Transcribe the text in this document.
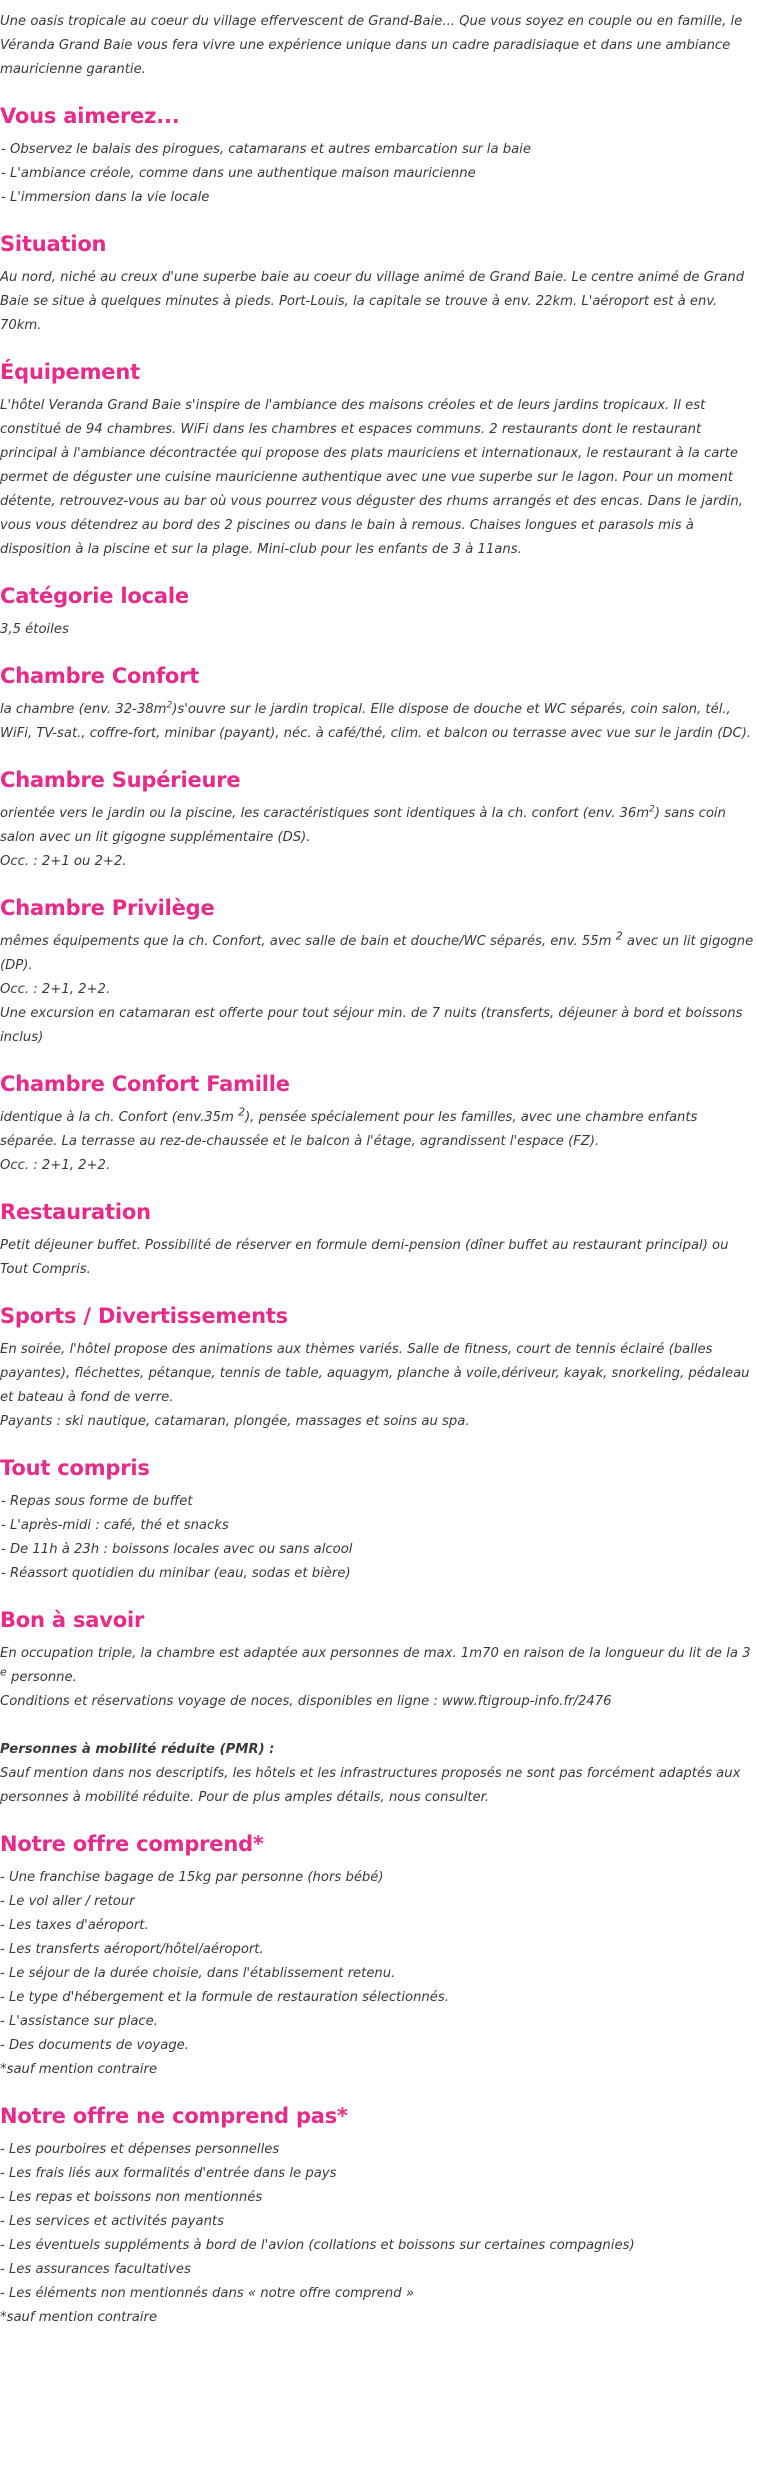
Une oasis tropicale au coeur du village effervescent de Grand-Baie... Que vous soyez en couple ou en famille, le Véranda Grand Baie vous fera vivre une expérience unique dans un cadre paradisiaque et dans une ambiance mauricienne garantie.

Vous aimerez...

- Observez le balais des pirogues, catamarans et autres embarcation sur la baie

- L'ambiance créole, comme dans une authentique maison mauricienne

- L'immersion dans la vie locale

Situation

Au nord, niché au creux d'une superbe baie au coeur du village animé de Grand Baie. Le centre animé de Grand Baie se situe à quelques minutes à pieds. Port-Louis, la capitale se trouve à env. 22km. L'aéroport est à env. 70km.

Équipement

L'hôtel Veranda Grand Baie s'inspire de l'ambiance des maisons créoles et de leurs jardins tropicaux. Il est constitué de 94 chambres. WiFi dans les chambres et espaces communs. 2 restaurants dont le restaurant principal à l'ambiance décontractée qui propose des plats mauriciens et internationaux, le restaurant à la carte permet de déguster une cuisine mauricienne authentique avec une vue superbe sur le lagon. Pour un moment détente, retrouvez-vous au bar où vous pourrez vous déguster des rhums arrangés et des encas. Dans le jardin, vous vous détendrez au bord des 2 piscines ou dans le bain à remous. Chaises longues et parasols mis à disposition à la piscine et sur la plage. Mini-club pour les enfants de 3 à 11ans.

Catégorie locale

3,5 étoiles

Chambre Confort

la chambre (env. $32-38m^2)s'ouvre$ sur le jardin tropical. Elle dispose de douche et WC séparés, coin salon, tél., WiFi, TV-sat., coffre-fort, minibar (payant), néc. à café/thé, clim. et balcon ou terrasse avec vue sur le jardin (DC).

Chambre Supérieure

orientée vers le jardin ou la piscine, les caractéristiques sont identiques à la ch. confort (env. $36m^2$) sans coin salon avec un lit gigogne supplémentaire (DS).

Occ. : 2+1 ou 2+2.

Chambre Privilège

mêmes équipements que la ch. Confort, avec salle de bain et douche/WC séparés, env. 55m $^2$ avec un lit gigogne (DP).

Occ. : 2+1, 2+2.

Une excursion en catamaran est offerte pour tout séjour min. de 7 nuits (transferts, déjeuner à bord et boissons inclus)

Chambre Confort Famille

identique à la ch. Confort (env.35m $^2$), pensée spécialement pour les familles, avec une chambre enfants séparée. La terrasse au rez-de-chaussée et le balcon à l'étage, agrandissent l'espace (FZ).

Occ. : 2+1, 2+2.

Restauration

Petit déjeuner buffet. Possibilité de réserver en formule demi-pension (dîner buffet au restaurant principal) ou Tout Compris.

Sports / Divertissements

En soirée, l'hôtel propose des animations aux thèmes variés. Salle de fitness, court de tennis éclairé (balles payantes), fléchettes, pétanque, tennis de table, aquagym, planche à voile,dériveur, kayak, snorkeling, pédaleau et bateau à fond de verre.

Payants : ski nautique, catamaran, plongée, massages et soins au spa.

Tout compris

- Repas sous forme de buffet

- L'après-midi : café, thé et snacks

- De 11h à 23h : boissons locales avec ou sans alcool

- Réassort quotidien du minibar (eau, sodas et bière)

Bon à savoir

En occupation triple, la chambre est adaptée aux personnes de max. 1m70 en raison de la longueur du lit de la 3 $^e$ personne.

Conditions et réservations voyage de noces, disponibles en ligne : www.ftigroup-info.fr/2476

Personnes à mobilité réduite (PMR) :

Sauf mention dans nos descriptifs, les hôtels et les infrastructures proposés ne sont pas forcément adaptés aux personnes à mobilité réduite. Pour de plus amples détails, nous consulter.

Notre offre comprend*

- Une franchise bagage de 15kg par personne (hors bébé)

- Le vol aller / retour

- Les taxes d'aéroport.

- Les transferts aéroport/hôtel/aéroport.

- Le séjour de la durée choisie, dans l'établissement retenu.

- Le type d'hébergement et la formule de restauration sélectionnés.

- L'assistance sur place.

- Des documents de voyage.

*sauf mention contraire

Notre offre ne comprend pas*

- Les pourboires et dépenses personnelles

- Les frais liés aux formalités d'entrée dans le pays

- Les repas et boissons non mentionnés

- Les services et activités payants

- Les éventuels suppléments à bord de l'avion (collations et boissons sur certaines compagnies)

- Les assurances facultatives

- Les éléments non mentionnés dans « notre offre comprend »

*sauf mention contraire
